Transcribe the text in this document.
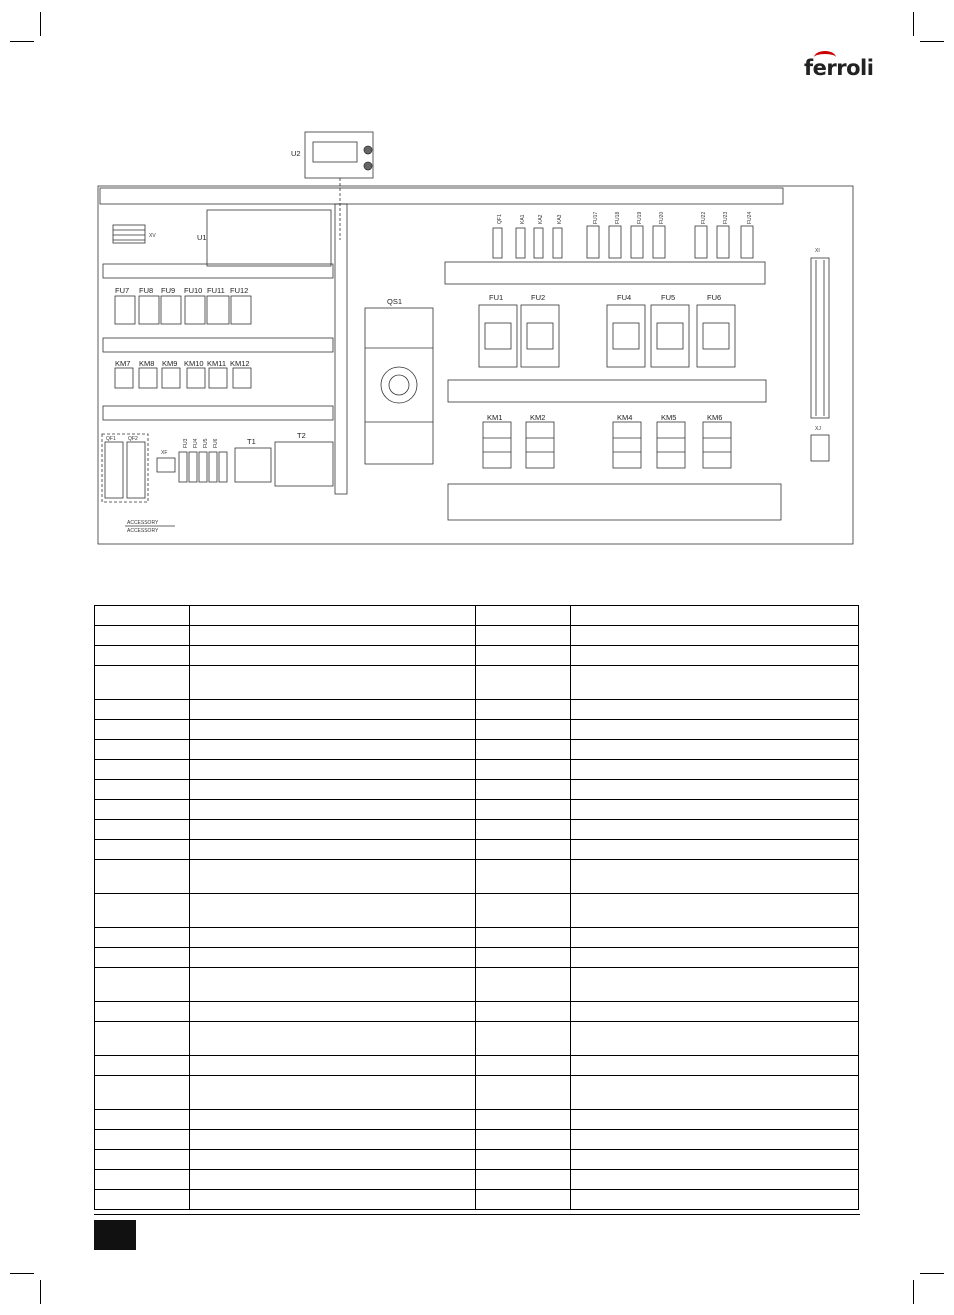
ferroli
U2
U1
XV
QS1
XI
XJ
T1
T2
XF
ACCESSORY
ACCESSORY
QF1	KA1 KA2	KA3	FU17	FU18	FU19	FU20	FU22	FU23	FU24
FU7 FU8 FU9 FU10 FU11 FU12
KM7 KM8 KM9 KM10 KM11 KM12
QF1 QF2	FU3 FU4 FU5 FU6
FU1	FU2	FU4	FU5	FU6
KM1	KM2	KM4	KM5	KM6
